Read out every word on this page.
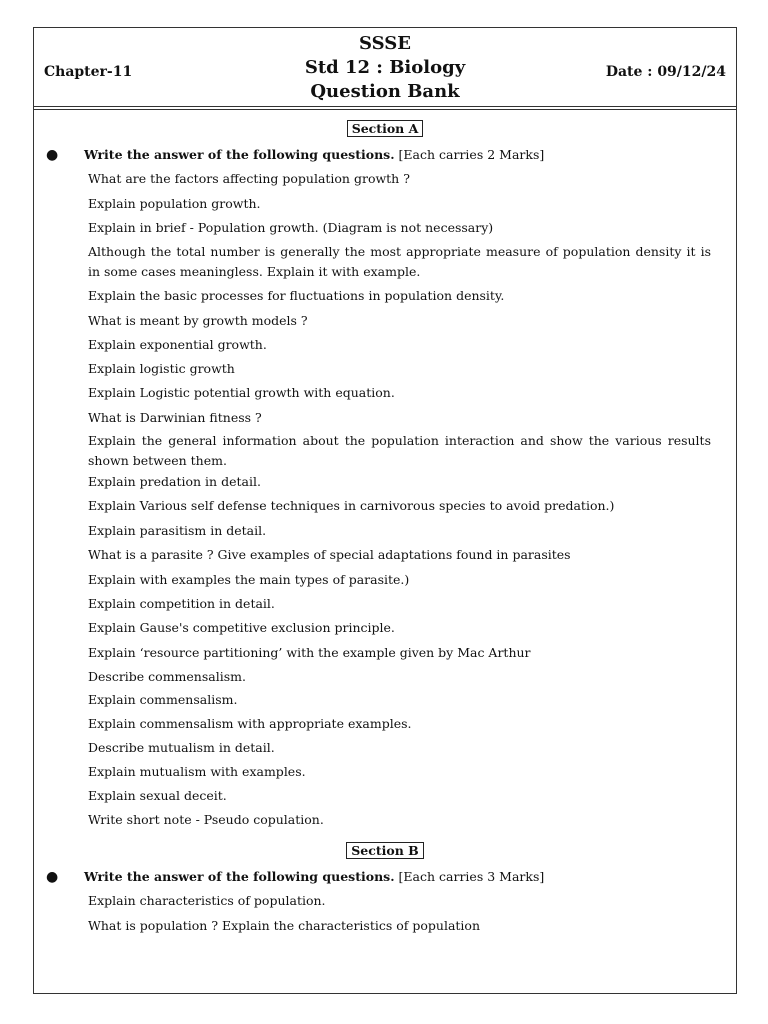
SSSE
Std 12 : Biology
Question Bank
Chapter-11	Date : 09/12/24
Section A
● Write the answer of the following questions. [Each carries 2 Marks]
What are the factors affecting population growth ?
Explain population growth.
Explain in brief - Population growth. (Diagram is not necessary)
Although the total number is generally the most appropriate measure of population density it is in some cases meaningless. Explain it with example.
Explain the basic processes for fluctuations in population density.
What is meant by growth models ?
Explain exponential growth.
Explain logistic growth
Explain Logistic potential growth with equation.
What is Darwinian fitness ?
Explain the general information about the population interaction and show the various results shown between them.
Explain predation in detail.
Explain Various self defense techniques in carnivorous species to avoid predation.)
Explain parasitism in detail.
What is a parasite ? Give examples of special adaptations found in parasites
Explain with examples the main types of parasite.)
Explain competition in detail.
Explain Gause's competitive exclusion principle.
Explain ‘resource partitioning’ with the example given by Mac Arthur
Describe commensalism.
Explain commensalism.
Explain commensalism with appropriate examples.
Describe mutualism in detail.
Explain mutualism with examples.
Explain sexual deceit.
Write short note - Pseudo copulation.
Section B
● Write the answer of the following questions. [Each carries 3 Marks]
Explain characteristics of population.
What is population ? Explain the characteristics of population
